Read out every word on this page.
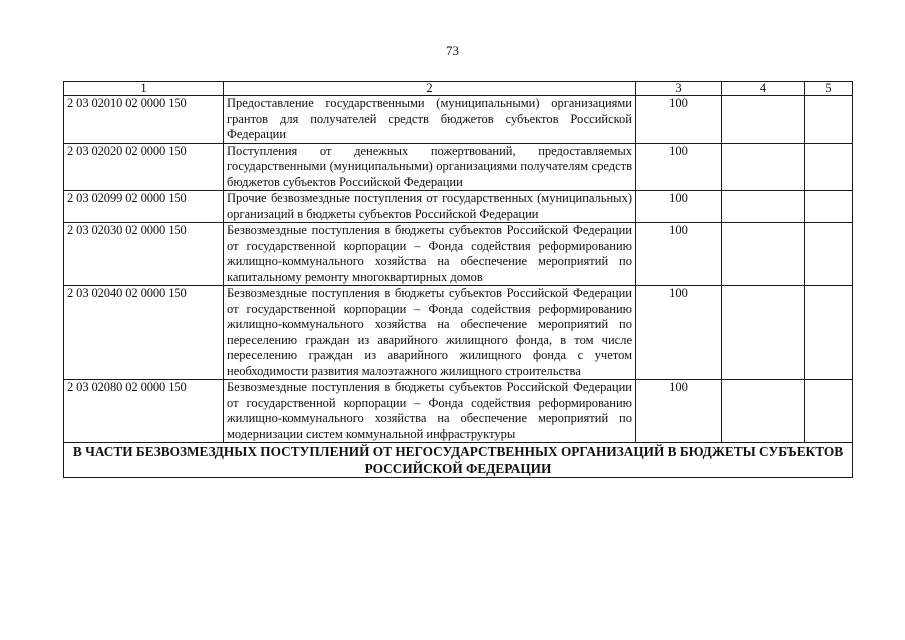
73
1	2	3	4	5
2 03 02010 02 0000 150	Предоставление государственными (муниципальными) организациями грантов для получателей средств бюджетов субъектов Российской Федерации	100		
2 03 02020 02 0000 150	Поступления от денежных пожертвований, предоставляемых государственными (муниципальными) организациями получателям средств бюджетов субъектов Российской Федерации	100		
2 03 02099 02 0000 150	Прочие безвозмездные поступления от государственных (муниципальных) организаций в бюджеты субъектов Российской Федерации	100		
2 03 02030 02 0000 150	Безвозмездные поступления в бюджеты субъектов Российской Федерации от государственной корпорации – Фонда содействия реформированию жилищно-коммунального хозяйства на обеспечение мероприятий по капитальному ремонту многоквартирных домов	100		
2 03 02040 02 0000 150	Безвозмездные поступления в бюджеты субъектов Российской Федерации от государственной корпорации – Фонда содействия реформированию жилищно-коммунального хозяйства на обеспечение мероприятий по переселению граждан из аварийного жилищного фонда, в том числе переселению граждан из аварийного жилищного фонда с учетом необходимости развития малоэтажного жилищного строительства	100		
2 03 02080 02 0000 150	Безвозмездные поступления в бюджеты субъектов Российской Федерации от государственной корпорации – Фонда содействия реформированию жилищно-коммунального хозяйства на обеспечение мероприятий по модернизации систем коммунальной инфраструктуры	100		
В ЧАСТИ БЕЗВОЗМЕЗДНЫХ ПОСТУПЛЕНИЙ ОТ НЕГОСУДАРСТВЕННЫХ ОРГАНИЗАЦИЙ В БЮДЖЕТЫ СУБЪЕКТОВ РОССИЙСКОЙ ФЕДЕРАЦИИ				
